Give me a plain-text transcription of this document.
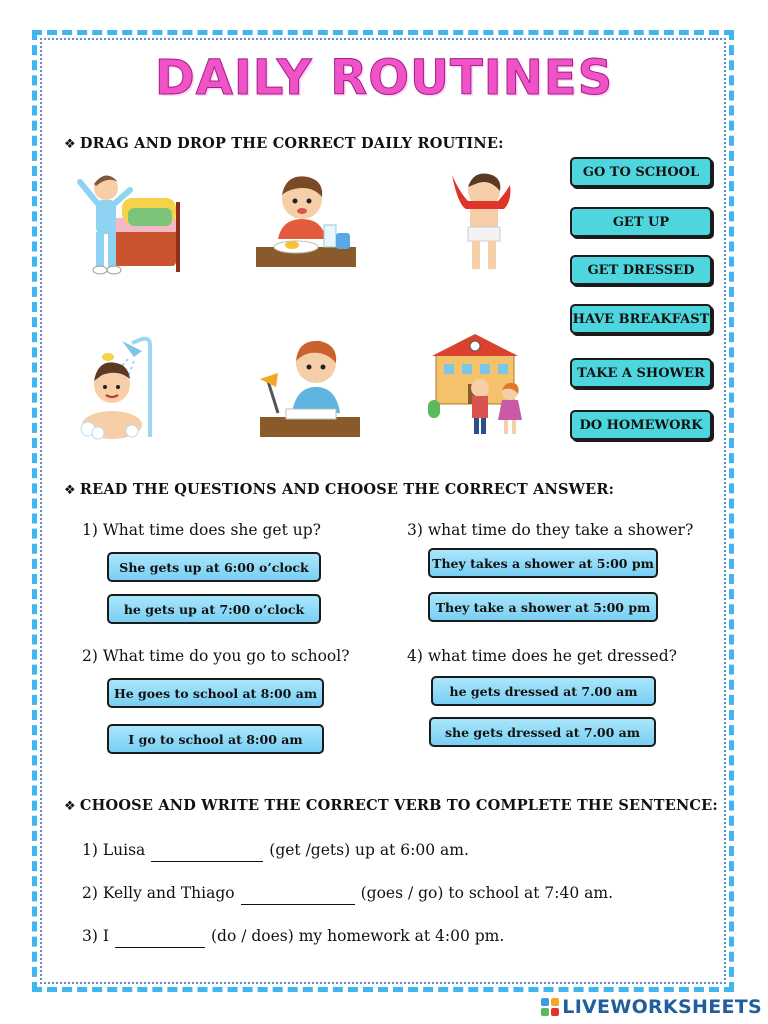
DAILY ROUTINES
❖ DRAG AND DROP THE CORRECT DAILY ROUTINE:
GO TO SCHOOL
GET UP
GET DRESSED
HAVE BREAKFAST
TAKE A SHOWER
DO HOMEWORK
❖ READ THE QUESTIONS AND CHOOSE THE CORRECT ANSWER:
1) What time does she get up?
She gets up at 6:00 o’clock
he gets up at 7:00 o’clock
2) What time do you go to school?
He goes to school at 8:00 am
I go to school at 8:00 am
3) what time do they take a shower?
They takes a shower at 5:00 pm
They take a shower at 5:00 pm
4) what time does he get dressed?
he gets dressed at 7.00 am
she gets dressed at 7.00 am
❖ CHOOSE AND WRITE THE CORRECT VERB TO COMPLETE THE SENTENCE:
1) Luisa	(get /gets) up at 6:00 am.
2) Kelly and Thiago	(goes / go) to school at 7:40 am.
3) I	(do / does) my homework at 4:00 pm.
LIVEWORKSHEETS
